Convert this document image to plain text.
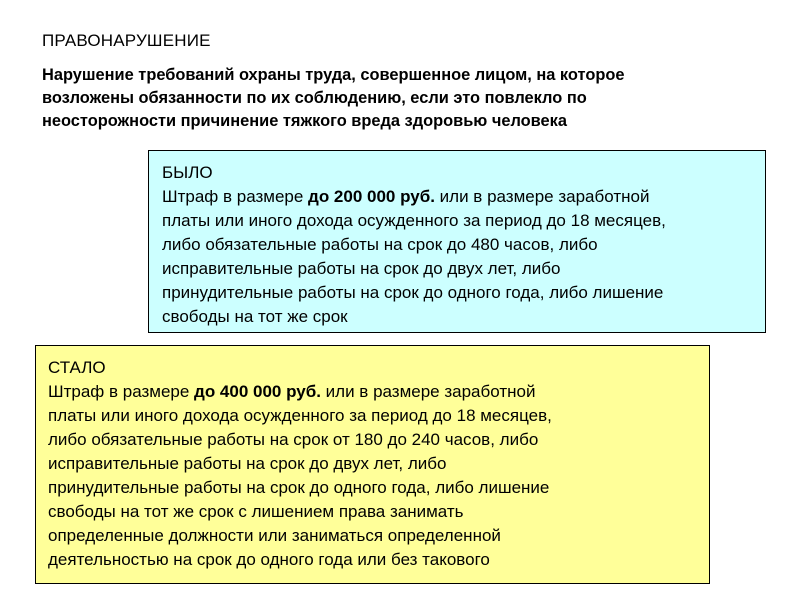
ПРАВОНАРУШЕНИЕ
Нарушение требований охраны труда, совершенное лицом, на которое
возложены обязанности по их соблюдению, если это повлекло по
неосторожности причинение тяжкого вреда здоровью человека
БЫЛО
Штраф в размере до 200 000 руб. или в размере заработной
платы или иного дохода осужденного за период до 18 месяцев,
либо обязательные работы на срок до 480 часов, либо
исправительные работы на срок до двух лет, либо
принудительные работы на срок до одного года, либо лишение
свободы на тот же срок
СТАЛО
Штраф в размере до 400 000 руб. или в размере заработной
платы или иного дохода осужденного за период до 18 месяцев,
либо обязательные работы на срок от 180 до 240 часов, либо
исправительные работы на срок до двух лет, либо
принудительные работы на срок до одного года, либо лишение
свободы на тот же срок с лишением права занимать
определенные должности или заниматься определенной
деятельностью на срок до одного года или без такового
